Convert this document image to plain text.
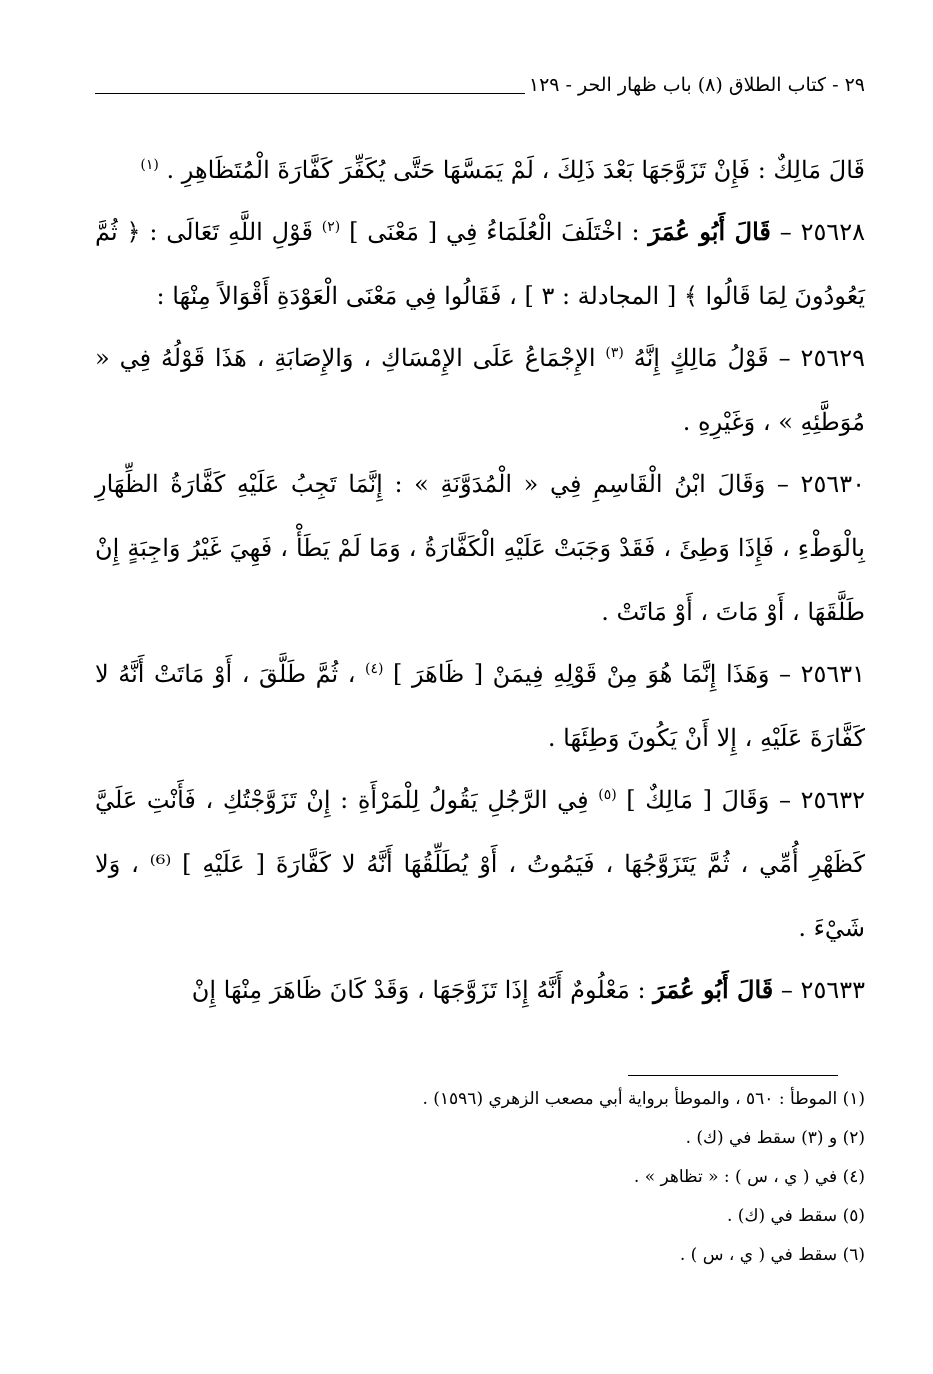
٢٩ - كتاب الطلاق (٨) باب ظهار الحر - ١٢٩

قَالَ مَالِكٌ : فَإِنْ تَزَوَّجَهَا بَعْدَ ذَلِكَ ، لَمْ يَمَسَّهَا حَتَّى يُكَفِّرَ كَفَّارَةَ الْمُتَظَاهِرِ . $^{(١)}$

٢٥٦٢٨ – قَالَ أَبُو عُمَرَ : اخْتَلَفَ الْعُلَمَاءُ فِي [ مَعْنَى ] $^{(٢)}$ قَوْلِ اللَّهِ تَعَالَى : ﴿ ثُمَّ يَعُودُونَ لِمَا قَالُوا ﴾ [ المجادلة : ٣ ] ، فَقَالُوا فِي مَعْنَى الْعَوْدَةِ أَقْوَالاً مِنْهَا :

٢٥٦٢٩ – قَوْلُ مَالِكٍ إِنَّهُ $^{(٣)}$ الإِجْمَاعُ عَلَى الإِمْسَاكِ ، وَالإِصَابَةِ ، هَذَا قَوْلُهُ فِي « مُوَطَّئِهِ » ، وَغَيْرِهِ .

٢٥٦٣٠ – وَقَالَ ابْنُ الْقَاسِمِ فِي « الْمُدَوَّنَةِ » : إِنَّمَا تَجِبُ عَلَيْهِ كَفَّارَةُ الظِّهَارِ بِالْوَطْءِ ، فَإِذَا وَطِئَ ، فَقَدْ وَجَبَتْ عَلَيْهِ الْكَفَّارَةُ ، وَمَا لَمْ يَطَأْ ، فَهِيَ غَيْرُ وَاجِبَةٍ إِنْ طَلَّقَهَا ، أَوْ مَاتَ ، أَوْ مَاتَتْ .

٢٥٦٣١ – وَهَذَا إِنَّمَا هُوَ مِنْ قَوْلِهِ فِيمَنْ [ ظَاهَرَ ] $^{(٤)}$ ، ثُمَّ طَلَّقَ ، أَوْ مَاتَتْ أَنَّهُ لا كَفَّارَةَ عَلَيْهِ ، إِلا أَنْ يَكُونَ وَطِئَهَا .

٢٥٦٣٢ – وَقَالَ [ مَالِكٌ ] $^{(٥)}$ فِي الرَّجُلِ يَقُولُ لِلْمَرْأَةِ : إِنْ تَزَوَّجْتُكِ ، فَأَنْتِ عَلَيَّ كَظَهْرِ أُمِّي ، ثُمَّ يَتَزَوَّجُهَا ، فَيَمُوتُ ، أَوْ يُطَلِّقُهَا أَنَّهُ لا كَفَّارَةَ [ عَلَيْهِ ] ⁽⁶⁾ ، وَلا شَيْءَ .

٢٥٦٣٣ – قَالَ أَبُو عُمَرَ : مَعْلُومٌ أَنَّهُ إِذَا تَزَوَّجَهَا ، وَقَدْ كَانَ ظَاهَرَ مِنْهَا إِنْ

(١) الموطأ : ٥٦٠ ، والموطأ برواية أبي مصعب الزهري (١٥٩٦) .

(٢) و (٣) سقط في (ك) .

(٤) في ( ي ، س ) : « تظاهر » .

(٥) سقط في (ك) .

(٦) سقط في ( ي ، س ) .
